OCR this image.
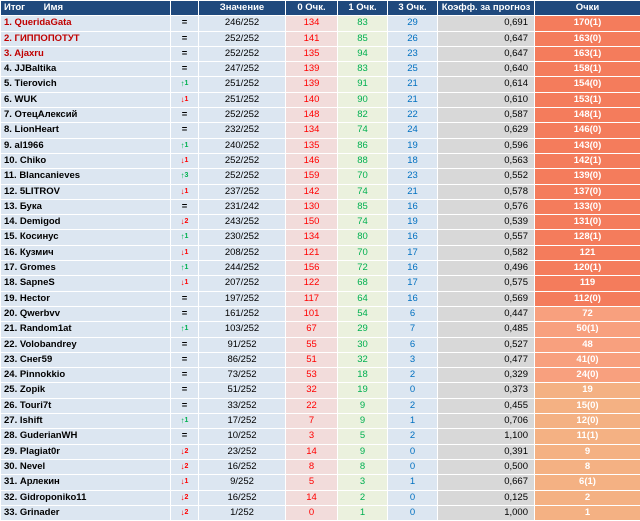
Итог Имя		Значение	0 Очк.	1 Очк.	3 Очк.	Коэфф. за прогноз	Очки
1. QueridaGata	=	246/252	134	83	29	0,691	170(1)
2. ГИППОПОТУТ	=	252/252	141	85	26	0,647	163(0)
3. Ajaxru	=	252/252	135	94	23	0,647	163(1)
4. JJBaltika	=	247/252	139	83	25	0,640	158(1)
5. Tierovich	↑$^1$	251/252	139	91	21	0,614	154(0)
6. WUK	↓$^1$	251/252	140	90	21	0,610	153(1)
7. ОтецАлексий	=	252/252	148	82	22	0,587	148(1)
8. LionHeart	=	232/252	134	74	24	0,629	146(0)
9. al1966	↑$^1$	240/252	135	86	19	0,596	143(0)
10. Chiko	↓$^1$	252/252	146	88	18	0,563	142(1)
11. Blancanieves	↑$^3$	252/252	159	70	23	0,552	139(0)
12. 5LITROV	↓$^1$	237/252	142	74	21	0,578	137(0)
13. Бука	=	231/242	130	85	16	0,576	133(0)
14. Demigod	↓$^2$	243/252	150	74	19	0,539	131(0)
15. Косинус	↑$^1$	230/252	134	80	16	0,557	128(1)
16. Кузмич	↓$^1$	208/252	121	70	17	0,582	121
17. Gromes	↑$^1$	244/252	156	72	16	0,496	120(1)
18. SapneS	↓$^1$	207/252	122	68	17	0,575	119
19. Hector	=	197/252	117	64	16	0,569	112(0)
20. Qwerbvv	=	161/252	101	54	6	0,447	72
21. Random1at	↑$^1$	103/252	67	29	7	0,485	50(1)
22. Volobandrey	=	91/252	55	30	6	0,527	48
23. Cнег59	=	86/252	51	32	3	0,477	41(0)
24. Pinnokkio	=	73/252	53	18	2	0,329	24(0)
25. Zopik	=	51/252	32	19	0	0,373	19
26. Touri7t	=	33/252	22	9	2	0,455	15(0)
27. Ishift	↑$^1$	17/252	7	9	1	0,706	12(0)
28. GuderianWH	=	10/252	3	5	2	1,100	11(1)
29. Plagiat0r	↓$^2$	23/252	14	9	0	0,391	9
30. Nevel	↓$^2$	16/252	8	8	0	0,500	8
31. Арлекин	↓$^1$	9/252	5	3	1	0,667	6(1)
32. Gidroponiko11	↓$^2$	16/252	14	2	0	0,125	2
33. Grinader	↓$^2$	1/252	0	1	0	1,000	1
